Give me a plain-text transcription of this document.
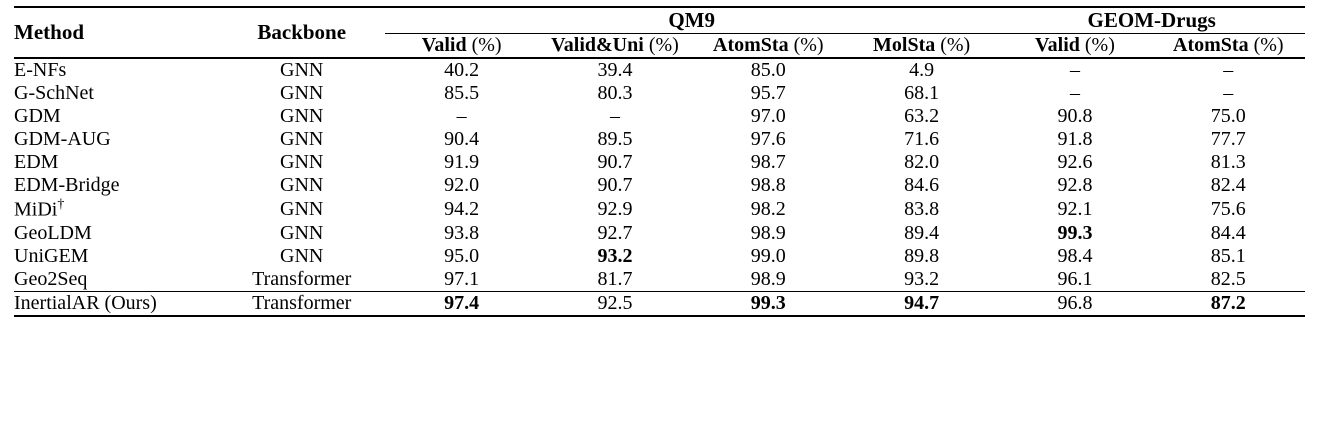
Method	Backbone	QM9				GEOM-Drugs	

		Valid (%)	Valid&Uni (%)	AtomSta (%)	MolSta (%)	Valid (%)	AtomSta (%)
E-NFs	GNN	40.2	39.4	85.0	4.9	–	–
G-SchNet	GNN	85.5	80.3	95.7	68.1	–	–
GDM	GNN	–	–	97.0	63.2	90.8	75.0
GDM-AUG	GNN	90.4	89.5	97.6	71.6	91.8	77.7
EDM	GNN	91.9	90.7	98.7	82.0	92.6	81.3
EDM-Bridge	GNN	92.0	90.7	98.8	84.6	92.8	82.4
MiDi†	GNN	94.2	92.9	98.2	83.8	92.1	75.6
GeoLDM	GNN	93.8	92.7	98.9	89.4	99.3	84.4
UniGEM	GNN	95.0	93.2	99.0	89.8	98.4	85.1
Geo2Seq	Transformer	97.1	81.7	98.9	93.2	96.1	82.5
InertialAR (Ours)	Transformer	97.4	92.5	99.3	94.7	96.8	87.2
